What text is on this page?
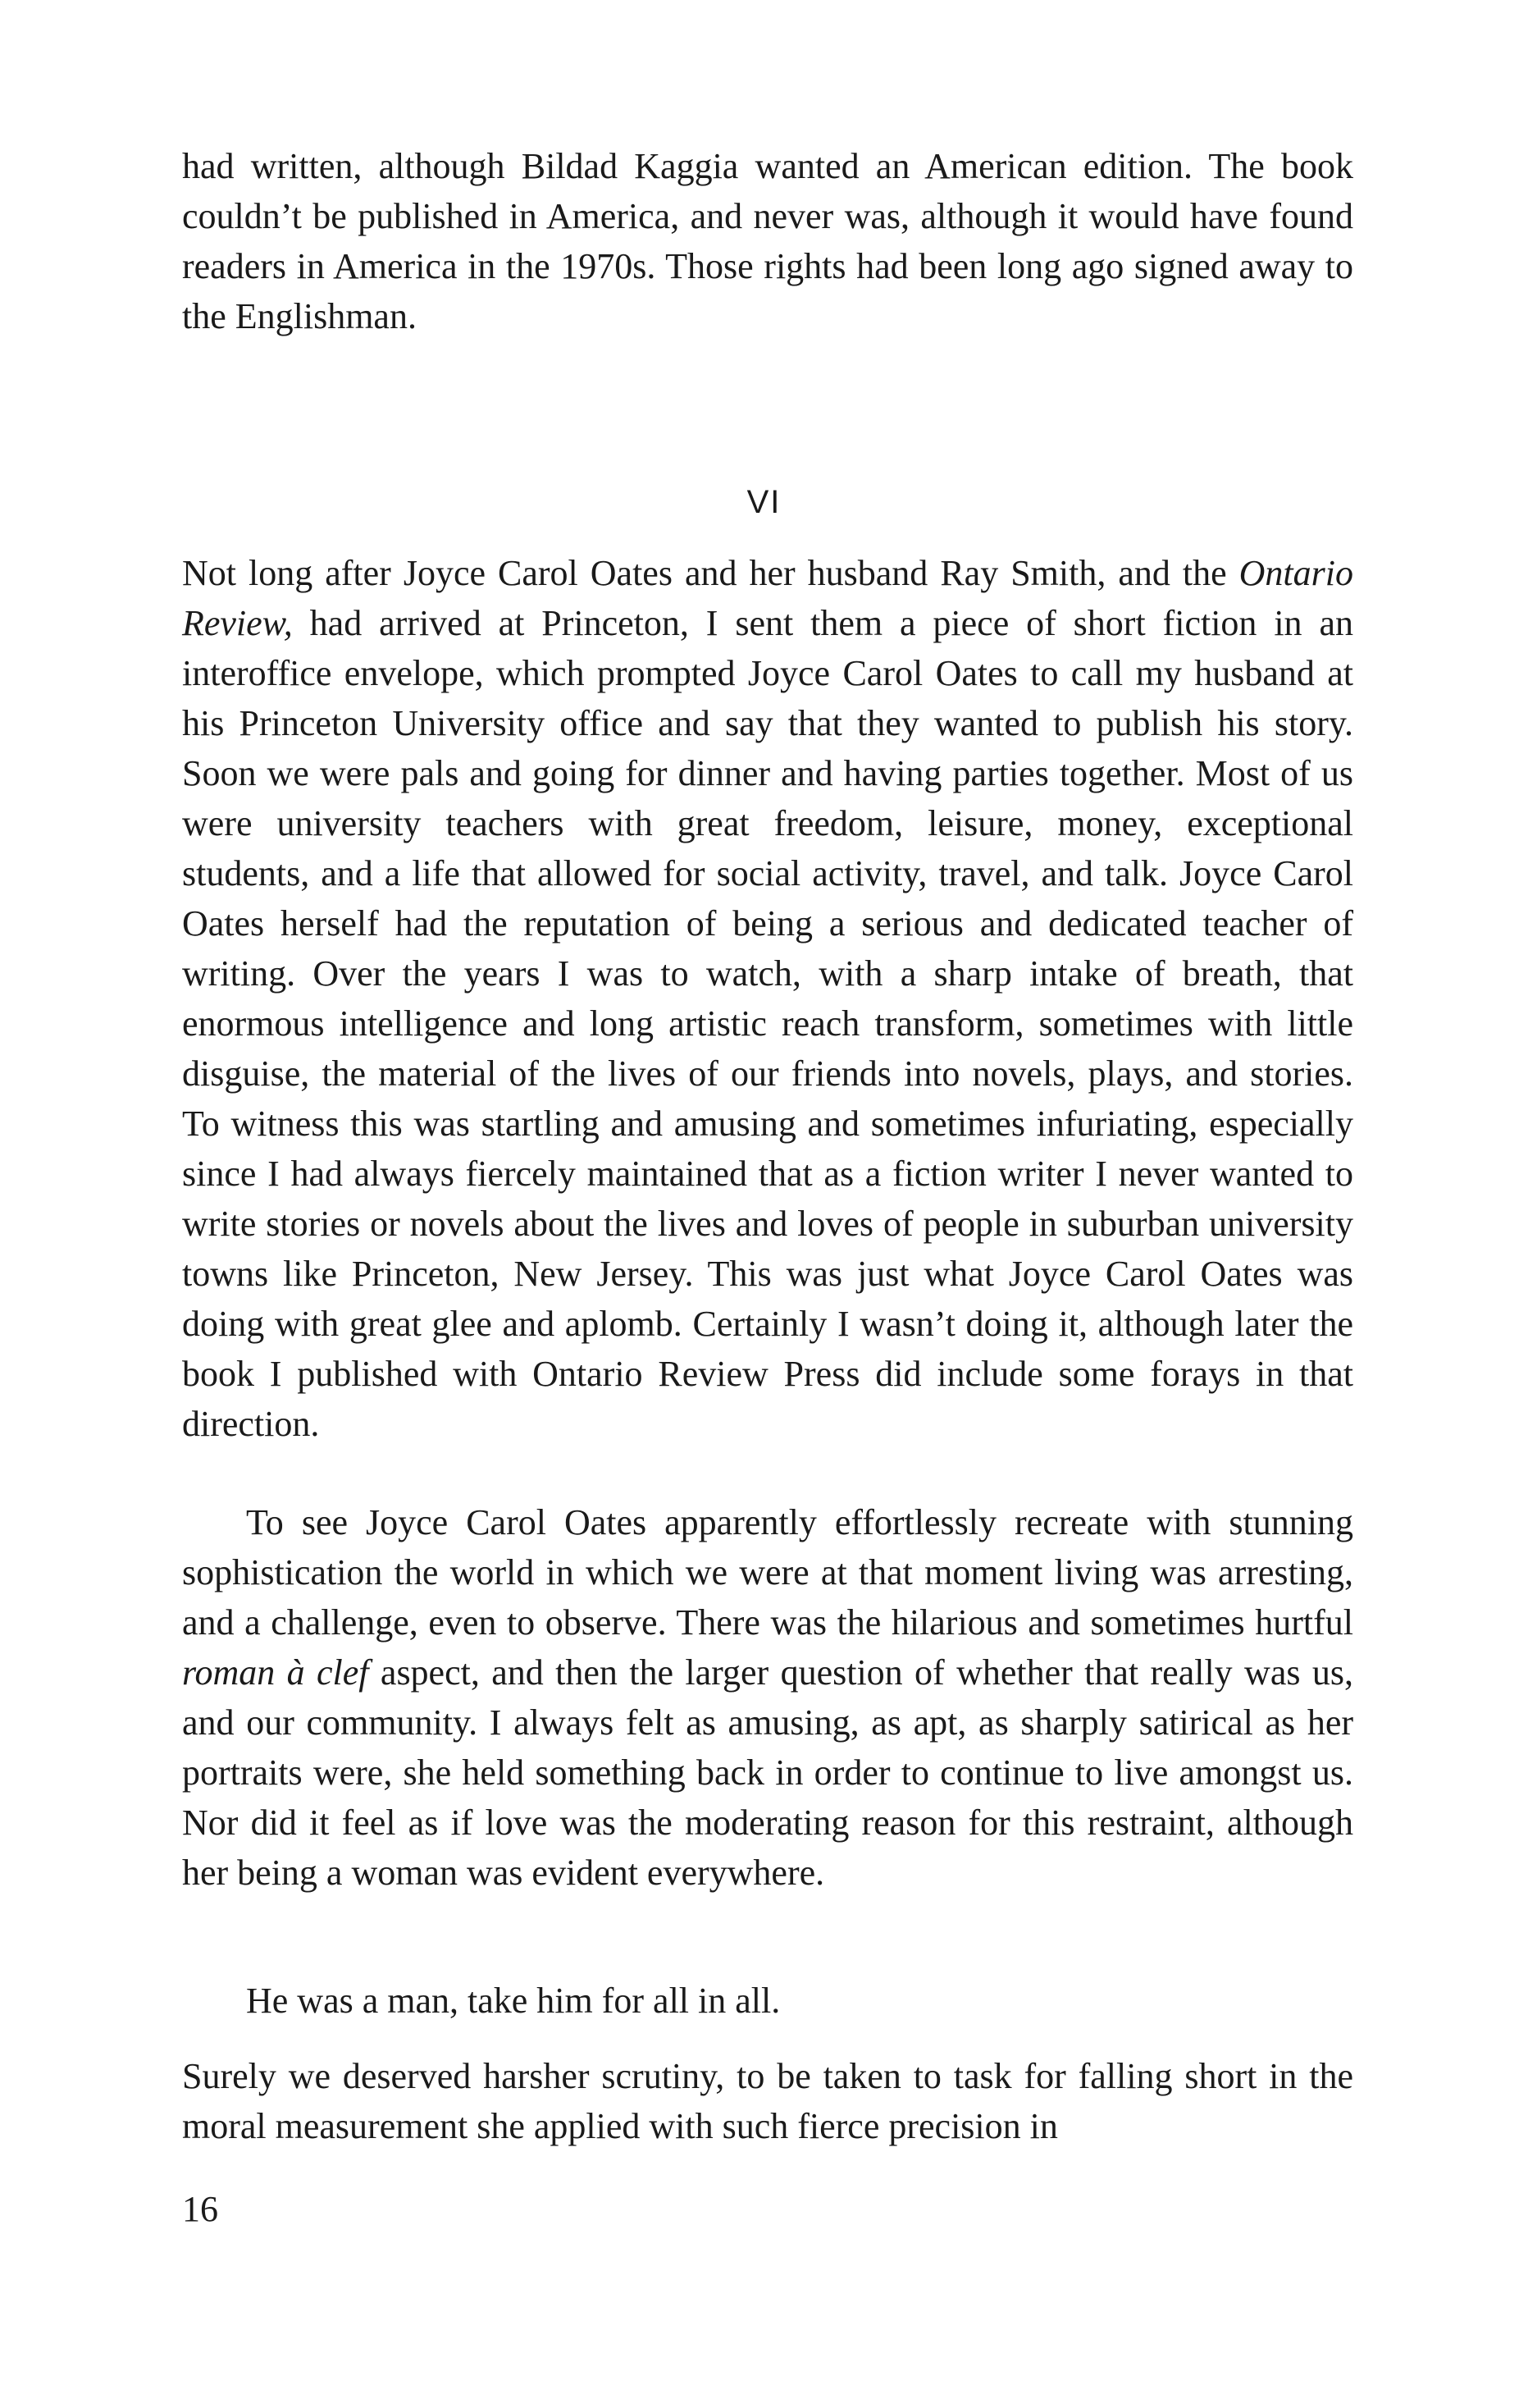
had written, although Bildad Kaggia wanted an American edition. The book couldn’t be published in America, and never was, although it would have found readers in America in the 1970s. Those rights had been long ago signed away to the Englishman.

VI

Not long after Joyce Carol Oates and her husband Ray Smith, and the Ontario Review, had arrived at Princeton, I sent them a piece of short fiction in an interoffice envelope, which prompted Joyce Carol Oates to call my husband at his Princeton University office and say that they wanted to publish his story. Soon we were pals and going for dinner and having parties together. Most of us were university teachers with great freedom, leisure, money, exceptional students, and a life that allowed for social activity, travel, and talk. Joyce Carol Oates herself had the reputation of being a serious and dedicated teacher of writing. Over the years I was to watch, with a sharp intake of breath, that enormous intelligence and long artistic reach transform, sometimes with little disguise, the material of the lives of our friends into novels, plays, and stories. To witness this was startling and amusing and sometimes infuriating, especially since I had always fiercely maintained that as a fiction writer I never wanted to write stories or novels about the lives and loves of people in suburban university towns like Princeton, New Jersey. This was just what Joyce Carol Oates was doing with great glee and aplomb. Certainly I wasn’t doing it, although later the book I published with Ontario Review Press did include some forays in that direction.

To see Joyce Carol Oates apparently effortlessly recreate with stunning sophistication the world in which we were at that moment living was arresting, and a challenge, even to observe. There was the hilarious and sometimes hurtful roman à clef aspect, and then the larger question of whether that really was us, and our community. I always felt as amusing, as apt, as sharply satirical as her portraits were, she held something back in order to continue to live amongst us. Nor did it feel as if love was the moderating reason for this restraint, although her being a woman was evident everywhere.

He was a man, take him for all in all.

Surely we deserved harsher scrutiny, to be taken to task for falling short in the moral measurement she applied with such fierce precision in

16
